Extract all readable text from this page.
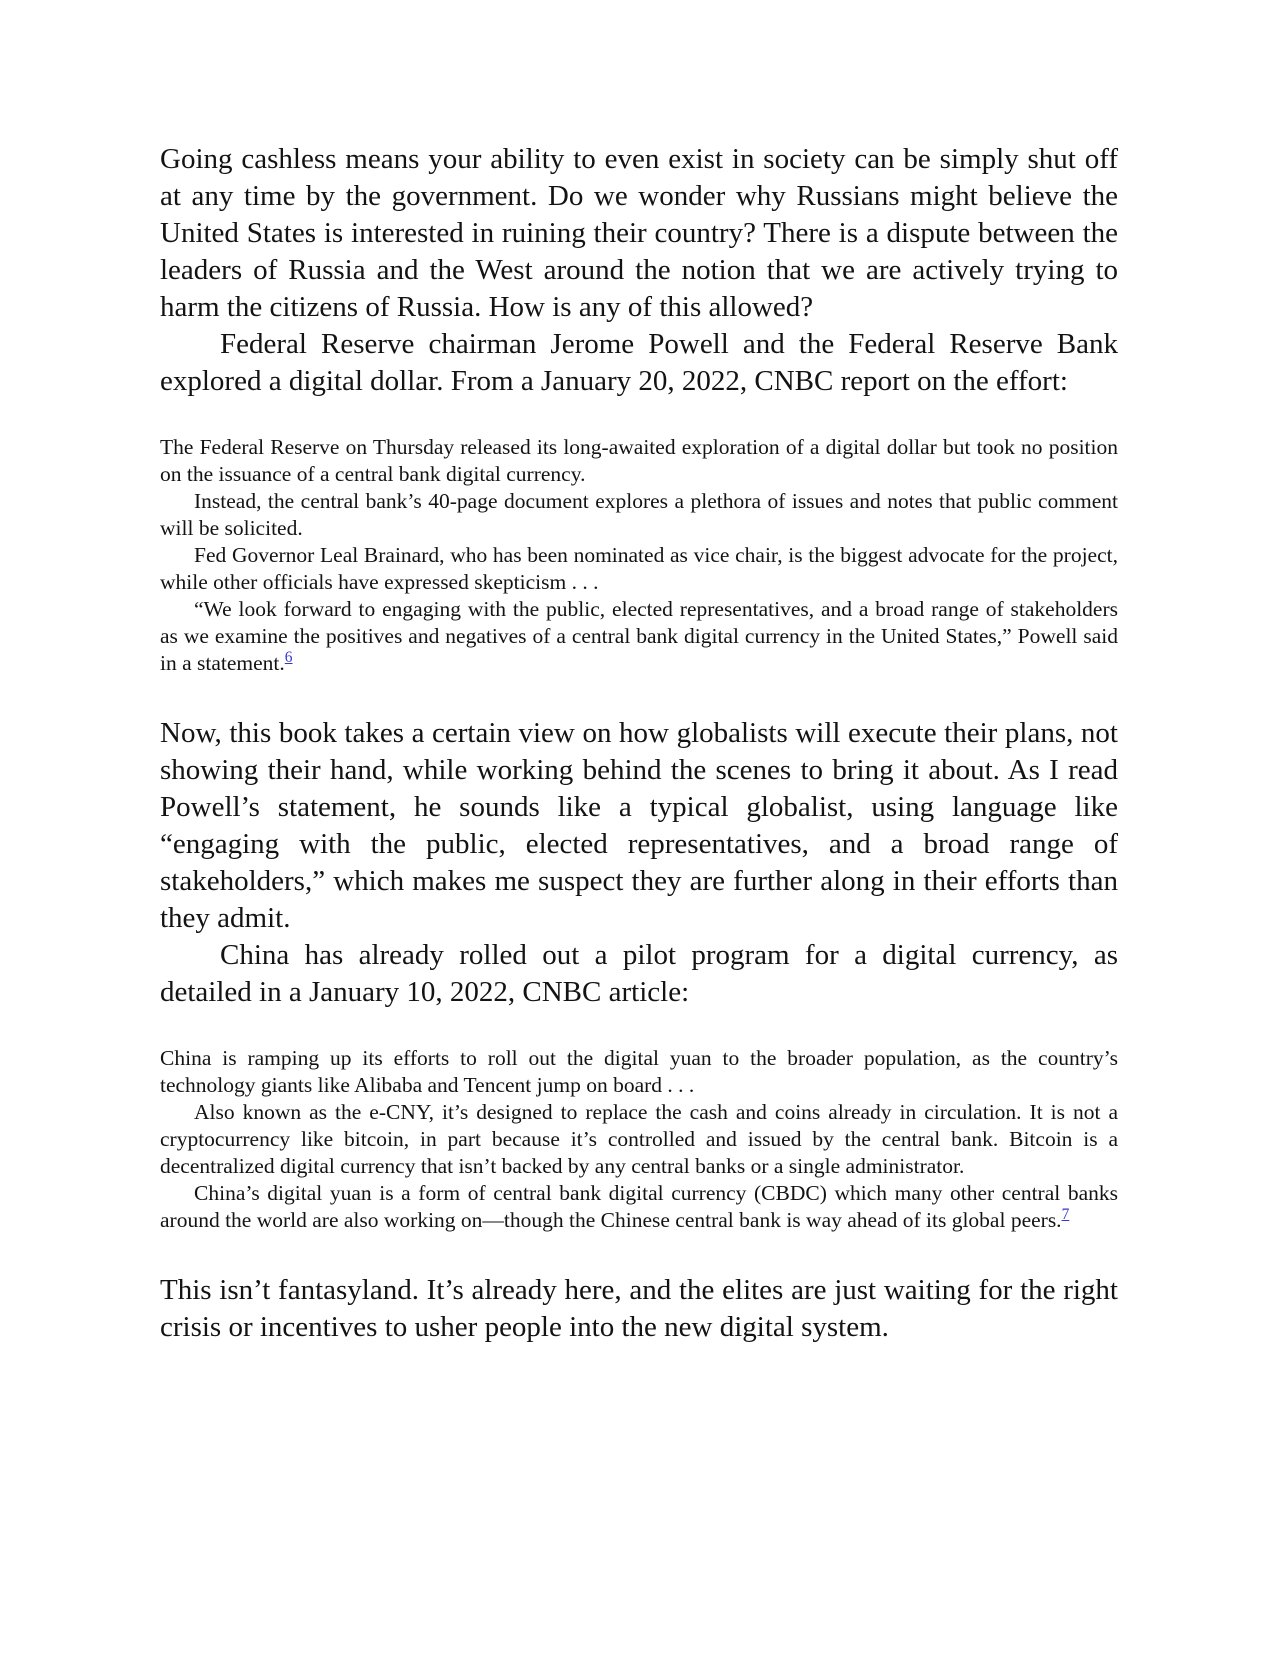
Going cashless means your ability to even exist in society can be simply shut off at any time by the government. Do we wonder why Russians might believe the United States is interested in ruining their country? There is a dispute between the leaders of Russia and the West around the notion that we are actively trying to harm the citizens of Russia. How is any of this allowed?

Federal Reserve chairman Jerome Powell and the Federal Reserve Bank explored a digital dollar. From a January 20, 2022, CNBC report on the effort:

The Federal Reserve on Thursday released its long-awaited exploration of a digital dollar but took no position on the issuance of a central bank digital currency.

Instead, the central bank’s 40-page document explores a plethora of issues and notes that public comment will be solicited.

Fed Governor Leal Brainard, who has been nominated as vice chair, is the biggest advocate for the project, while other officials have expressed skepticism . . .

“We look forward to engaging with the public, elected representatives, and a broad range of stakeholders as we examine the positives and negatives of a central bank digital currency in the United States,” Powell said in a statement.$^6$

Now, this book takes a certain view on how globalists will execute their plans, not showing their hand, while working behind the scenes to bring it about. As I read Powell’s statement, he sounds like a typical globalist, using language like “engaging with the public, elected representatives, and a broad range of stakeholders,” which makes me suspect they are further along in their efforts than they admit.

China has already rolled out a pilot program for a digital currency, as detailed in a January 10, 2022, CNBC article:

China is ramping up its efforts to roll out the digital yuan to the broader population, as the country’s technology giants like Alibaba and Tencent jump on board . . .

Also known as the e-CNY, it’s designed to replace the cash and coins already in circulation. It is not a cryptocurrency like bitcoin, in part because it’s controlled and issued by the central bank. Bitcoin is a decentralized digital currency that isn’t backed by any central banks or a single administrator.

China’s digital yuan is a form of central bank digital currency (CBDC) which many other central banks around the world are also working on—though the Chinese central bank is way ahead of its global peers.$^7$

This isn’t fantasyland. It’s already here, and the elites are just waiting for the right crisis or incentives to usher people into the new digital system.
